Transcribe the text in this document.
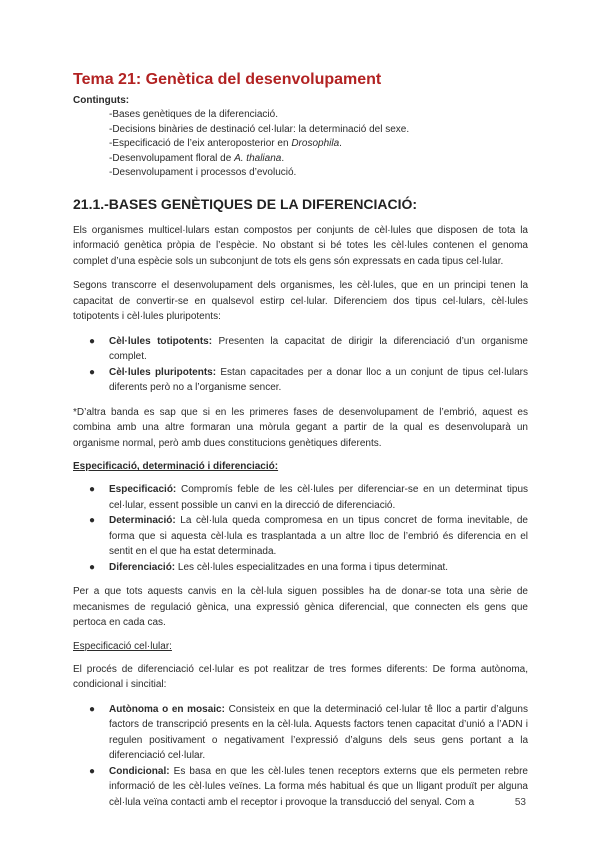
Tema 21: Genètica del desenvolupament
Continguts:
-Bases genètiques de la diferenciació.
-Decisions binàries de destinació cel·lular: la determinació del sexe.
-Especificació de l’eix anteroposterior en Drosophila.
-Desenvolupament floral de A. thaliana.
-Desenvolupament i processos d’evolució.
21.1.-BASES GENÈTIQUES DE LA DIFERENCIACIÓ:

Els organismes multicel·lulars estan compostos per conjunts de cèl·lules que disposen de tota la informació genètica pròpia de l’espècie. No obstant si bé totes les cèl·lules contenen el genoma complet d’una espècie sols un subconjunt de tots els gens són expressats en cada tipus cel·lular.

Segons transcorre el desenvolupament dels organismes, les cèl·lules, que en un principi tenen la capacitat de convertir-se en qualsevol estirp cel·lular. Diferenciem dos tipus cel·lulars, cèl·lules totipotents i cèl·lules pluripotents:

● Cèl·lules totipotents: Presenten la capacitat de dirigir la diferenciació d’un organisme complet.
● Cèl·lules pluripotents: Estan capacitades per a donar lloc a un conjunt de tipus cel·lulars diferents però no a l’organisme sencer.

*D’altra banda es sap que si en les primeres fases de desenvolupament de l’embrió, aquest es combina amb una altre formaran una mòrula gegant a partir de la qual es desenvoluparà un organisme normal, però amb dues constitucions genètiques diferents.

Especificació, determinació i diferenciació:
● Especificació: Compromís feble de les cèl·lules per diferenciar-se en un determinat tipus cel·lular, essent possible un canvi en la direcció de diferenciació.
● Determinació: La cèl·lula queda compromesa en un tipus concret de forma inevitable, de forma que si aquesta cèl·lula es trasplantada a un altre lloc de l’embrió és diferencia en el sentit en el que ha estat determinada.
● Diferenciació: Les cèl·lules especialitzades en una forma i tipus determinat.

Per a que tots aquests canvis en la cèl·lula siguen possibles ha de donar-se tota una sèrie de mecanismes de regulació gènica, una expressió gènica diferencial, que connecten els gens que pertoca en cada cas.

Especificació cel·lular:

El procés de diferenciació cel·lular es pot realitzar de tres formes diferents: De forma autònoma, condicional i sincitial:

● Autònoma o en mosaic: Consisteix en que la determinació cel·lular tê lloc a partir d’alguns factors de transcripció presents en la cèl·lula. Aquests factors tenen capacitat d’unió a l’ADN i regulen positivament o negativament l’expressió d’alguns dels seus gens portant a la diferenciació cel·lular.
● Condicional: Es basa en que les cèl·lules tenen receptors externs que els permeten rebre informació de les cèl·lules veïnes. La forma més habitual és que un lligant produït per alguna cèl·lula veïna contacti amb el receptor i provoque la transducció del senyal. Com a	53
